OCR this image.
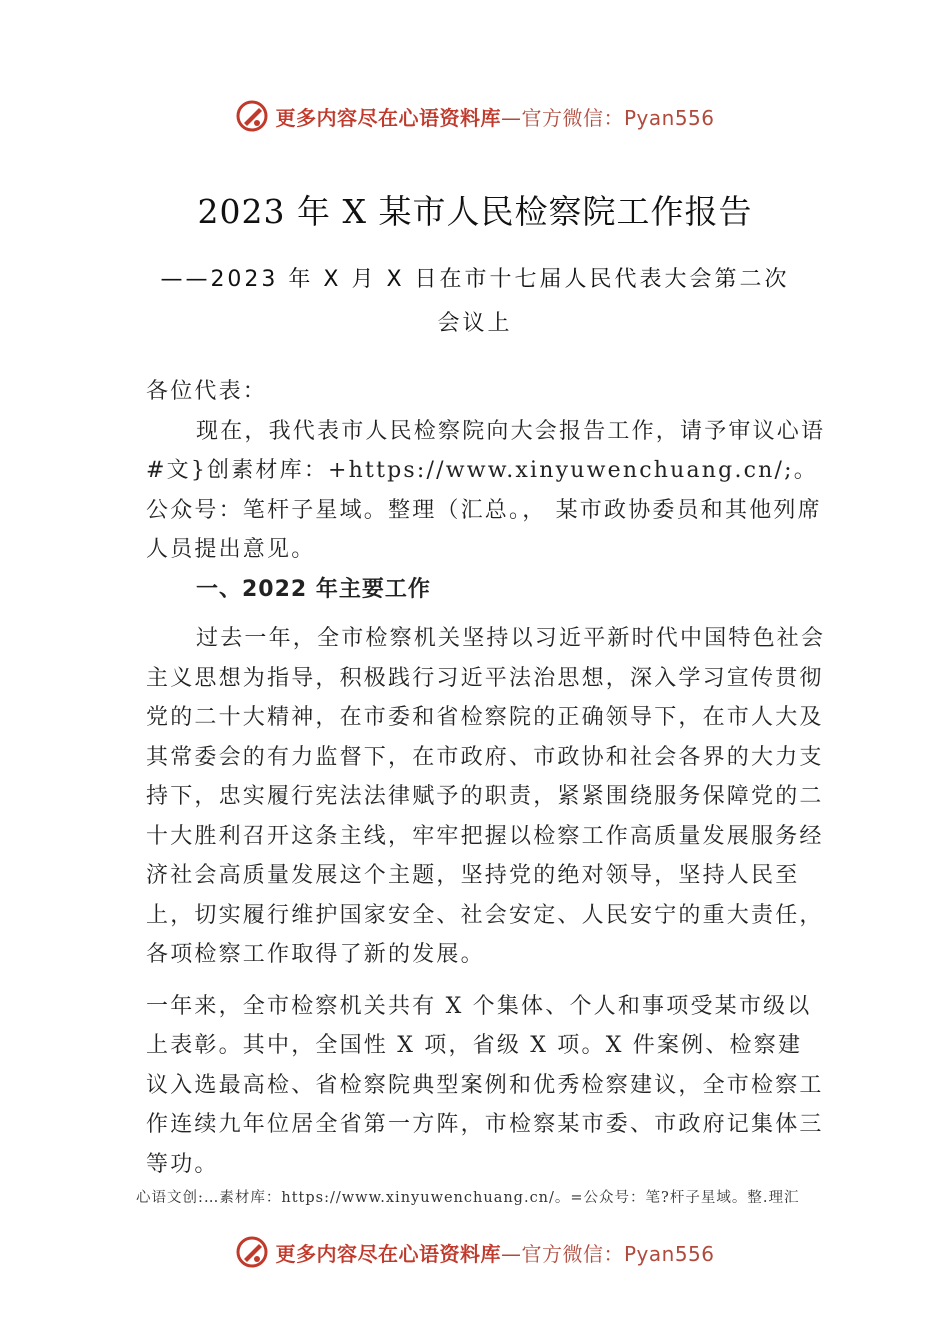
更多内容尽在心语资料库—官方微信：Pyan556
2023 年 X 某市人民检察院工作报告
——2023 年 X 月 X 日在市十七届人民代表大会第二次
会议上

各位代表：

现在，我代表市人民检察院向大会报告工作，请予审议心语#文}创素材库：+https://www.xinyuwenchuang.cn/;。公众号：笔杆子星域。整理（汇总。， 某市政协委员和其他列席人员提出意见。

一、2022 年主要工作

过去一年，全市检察机关坚持以习近平新时代中国特色社会主义思想为指导，积极践行习近平法治思想，深入学习宣传贯彻党的二十大精神，在市委和省检察院的正确领导下，在市人大及其常委会的有力监督下，在市政府、市政协和社会各界的大力支持下，忠实履行宪法法律赋予的职责，紧紧围绕服务保障党的二十大胜利召开这条主线，牢牢把握以检察工作高质量发展服务经济社会高质量发展这个主题，坚持党的绝对领导，坚持人民至上，切实履行维护国家安全、社会安定、人民安宁的重大责任，各项检察工作取得了新的发展。

一年来，全市检察机关共有 X 个集体、个人和事项受某市级以上表彰。其中，全国性 X 项，省级 X 项。X 件案例、检察建议入选最高检、省检察院典型案例和优秀检察建议，全市检察工作连续九年位居全省第一方阵，市检察某市委、市政府记集体三等功。

心语文创:…素材库：https://www.xinyuwenchuang.cn/。=公众号：笔?杆子星域。整.理汇
更多内容尽在心语资料库—官方微信：Pyan556
